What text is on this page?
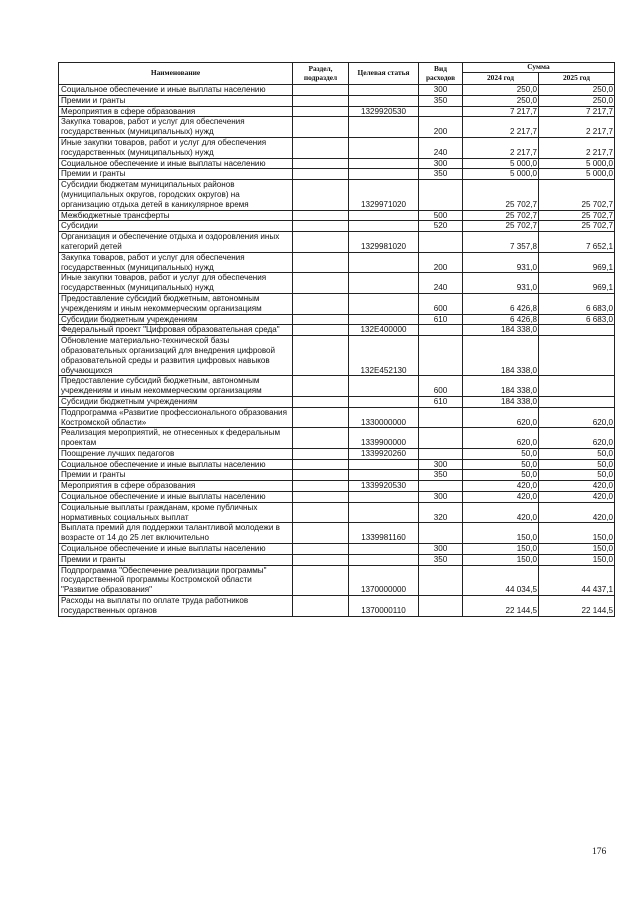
Наименование	Раздел, подраздел	Целевая статья	Вид расходов	Сумма	
				2024 год	2025 год
Социальное обеспечение и иные выплаты населению			300	250,0	250,0
Премии и гранты			350	250,0	250,0
Мероприятия в сфере образования		1329920530		7 217,7	7 217,7
Закупка товаров, работ и услуг для обеспечения государственных (муниципальных) нужд			200	2 217,7	2 217,7
Иные закупки товаров, работ и услуг для обеспечения государственных (муниципальных) нужд			240	2 217,7	2 217,7
Социальное обеспечение и иные выплаты населению			300	5 000,0	5 000,0
Премии и гранты			350	5 000,0	5 000,0
Субсидии бюджетам муниципальных районов (муниципальных округов, городских округов) на организацию отдыха детей в каникулярное время		1329971020		25 702,7	25 702,7
Межбюджетные трансферты			500	25 702,7	25 702,7
Субсидии			520	25 702,7	25 702,7
Организация и обеспечение отдыха и оздоровления иных категорий детей		1329981020		7 357,8	7 652,1
Закупка товаров, работ и услуг для обеспечения государственных (муниципальных) нужд			200	931,0	969,1
Иные закупки товаров, работ и услуг для обеспечения государственных (муниципальных) нужд			240	931,0	969,1
Предоставление субсидий бюджетным, автономным учреждениям и иным некоммерческим организациям			600	6 426,8	6 683,0
Субсидии бюджетным учреждениям			610	6 426,8	6 683,0
Федеральный проект "Цифровая образовательная среда"		132E400000		184 338,0	
Обновление материально-технической базы образовательных организаций для внедрения цифровой образовательной среды и развития цифровых навыков обучающихся		132E452130		184 338,0	
Предоставление субсидий бюджетным, автономным учреждениям и иным некоммерческим организациям			600	184 338,0	
Субсидии бюджетным учреждениям			610	184 338,0	
Подпрограмма «Развитие профессионального образования Костромской области»		1330000000		620,0	620,0
Реализация мероприятий, не отнесенных к федеральным проектам		1339900000		620,0	620,0
Поощрение лучших педагогов		1339920260		50,0	50,0
Социальное обеспечение и иные выплаты населению			300	50,0	50,0
Премии и гранты			350	50,0	50,0
Мероприятия в сфере образования		1339920530		420,0	420,0
Социальное обеспечение и иные выплаты населению			300	420,0	420,0
Социальные выплаты гражданам, кроме публичных нормативных социальных выплат			320	420,0	420,0
Выплата премий для поддержки талантливой молодежи в возрасте от 14 до 25 лет включительно		1339981160		150,0	150,0
Социальное обеспечение и иные выплаты населению			300	150,0	150,0
Премии и гранты			350	150,0	150,0
Подпрограмма "Обеспечение реализации программы" государственной программы Костромской области "Развитие образования"		1370000000		44 034,5	44 437,1
Расходы на выплаты по оплате труда работников государственных органов		1370000110		22 144,5	22 144,5
176
